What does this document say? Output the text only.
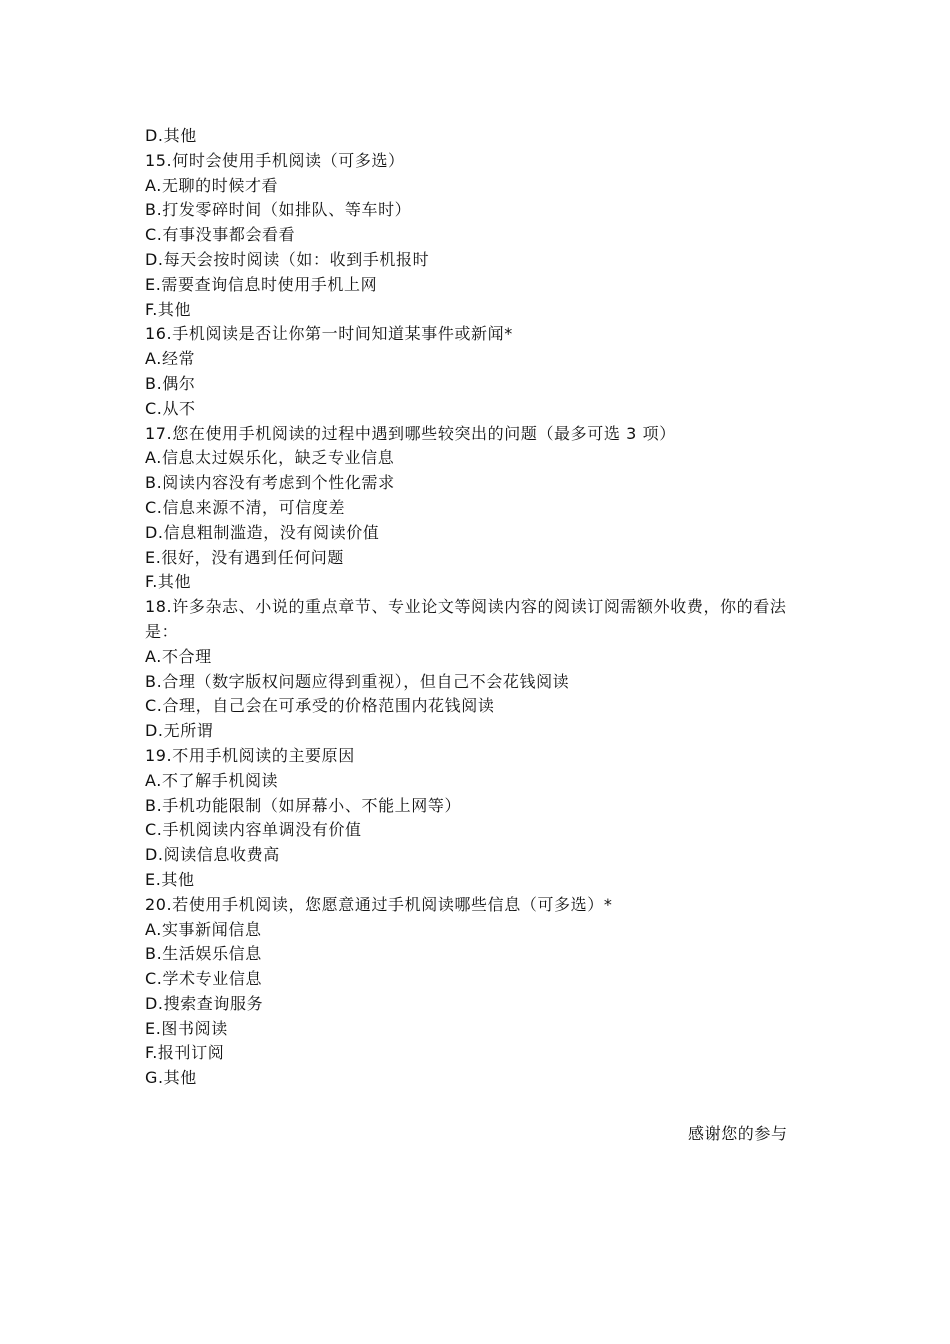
D.其他
15.何时会使用手机阅读（可多选）
A.无聊的时候才看
B.打发零碎时间（如排队、等车时）
C.有事没事都会看看
D.每天会按时阅读（如：收到手机报时
E.需要查询信息时使用手机上网
F.其他
16.手机阅读是否让你第一时间知道某事件或新闻*
A.经常
B.偶尔
C.从不
17.您在使用手机阅读的过程中遇到哪些较突出的问题（最多可选 3 项）
A.信息太过娱乐化，缺乏专业信息
B.阅读内容没有考虑到个性化需求
C.信息来源不清，可信度差
D.信息粗制滥造，没有阅读价值
E.很好，没有遇到任何问题
F.其他
18.许多杂志、小说的重点章节、专业论文等阅读内容的阅读订阅需额外收费，你的看法是：
A.不合理
B.合理（数字版权问题应得到重视），但自己不会花钱阅读
C.合理，自己会在可承受的价格范围内花钱阅读
D.无所谓
19.不用手机阅读的主要原因
A.不了解手机阅读
B.手机功能限制（如屏幕小、不能上网等）
C.手机阅读内容单调没有价值
D.阅读信息收费高
E.其他
20.若使用手机阅读，您愿意通过手机阅读哪些信息（可多选）*
A.实事新闻信息
B.生活娱乐信息
C.学术专业信息
D.搜索查询服务
E.图书阅读
F.报刊订阅
G.其他
感谢您的参与
